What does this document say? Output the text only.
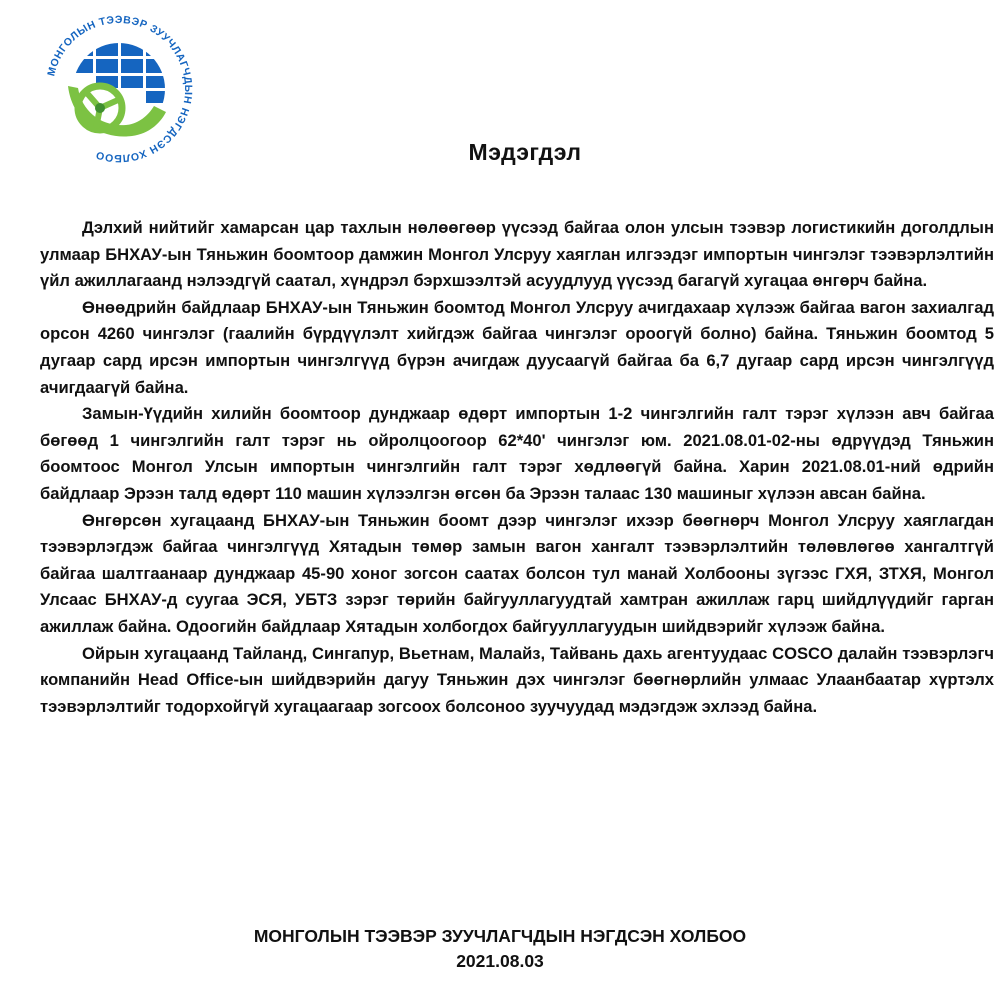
МОНГОЛЫН ТЭЭВЭР ЗУУЧЛАГЧДЫН НЭГДСЭН ХОЛБОО	Мэдэгдэл

Дэлхий нийтийг хамарсан цар тахлын нөлөөгөөр үүсээд байгаа олон улсын тээвэр логистикийн доголдлын улмаар БНХАУ-ын Тяньжин боомтоор дамжин Монгол Улсруу хаяглан илгээдэг импортын чингэлэг тээвэрлэлтийн үйл ажиллагаанд нэлээдгүй саатал, хүндрэл бэрхшээлтэй асуудлууд үүсээд багагүй хугацаа өнгөрч байна.

Өнөөдрийн байдлаар БНХАУ-ын Тяньжин боомтод Монгол Улсруу ачигдахаар хүлээж байгаа вагон захиалгад орсон 4260 чингэлэг (гаалийн бүрдүүлэлт хийгдэж байгаа чингэлэг ороогүй болно) байна. Тяньжин боомтод 5 дугаар сард ирсэн импортын чингэлгүүд бүрэн ачигдаж дуусаагүй байгаа ба 6,7 дугаар сард ирсэн чингэлгүүд ачигдаагүй байна.

Замын-Үүдийн хилийн боомтоор дунджаар өдөрт импортын 1-2 чингэлгийн галт тэрэг хүлээн авч байгаа бөгөөд 1 чингэлгийн галт тэрэг нь ойролцоогоор 62*40' чингэлэг юм. 2021.08.01-02-ны өдрүүдэд Тяньжин боомтоос Монгол Улсын импортын чингэлгийн галт тэрэг хөдлөөгүй байна. Харин 2021.08.01-ний өдрийн байдлаар Эрээн талд өдөрт 110 машин хүлээлгэн өгсөн ба Эрээн талаас 130 машиныг хүлээн авсан байна.

Өнгөрсөн хугацаанд БНХАУ-ын Тяньжин боомт дээр чингэлэг ихээр бөөгнөрч Монгол Улсруу хаяглагдан тээвэрлэгдэж байгаа чингэлгүүд Хятадын төмөр замын вагон хангалт тээвэрлэлтийн төлөвлөгөө хангалтгүй байгаа шалтгаанаар дунджаар 45-90 хоног зогсон саатах болсон тул манай Холбооны зүгээс ГХЯ, ЗТХЯ, Монгол Улсаас БНХАУ-д суугаа ЭСЯ, УБТЗ зэрэг төрийн байгууллагуудтай хамтран ажиллаж гарц шийдлүүдийг гарган ажиллаж байна. Одоогийн байдлаар Хятадын холбогдох байгууллагуудын шийдвэрийг хүлээж байна.

Ойрын хугацаанд Тайланд, Сингапур, Вьетнам, Малайз, Тайвань дахь агентуудаас COSCO далайн тээвэрлэгч компанийн Head Office-ын шийдвэрийн дагуу Тяньжин дэх чингэлэг бөөгнөрлийн улмаас Улаанбаатар хүртэлх тээвэрлэлтийг тодорхойгүй хугацаагаар зогсоох болсоноо зуучуудад мэдэгдэж эхлээд байна.

МОНГОЛЫН ТЭЭВЭР ЗУУЧЛАГЧДЫН НЭГДСЭН ХОЛБОО
2021.08.03
